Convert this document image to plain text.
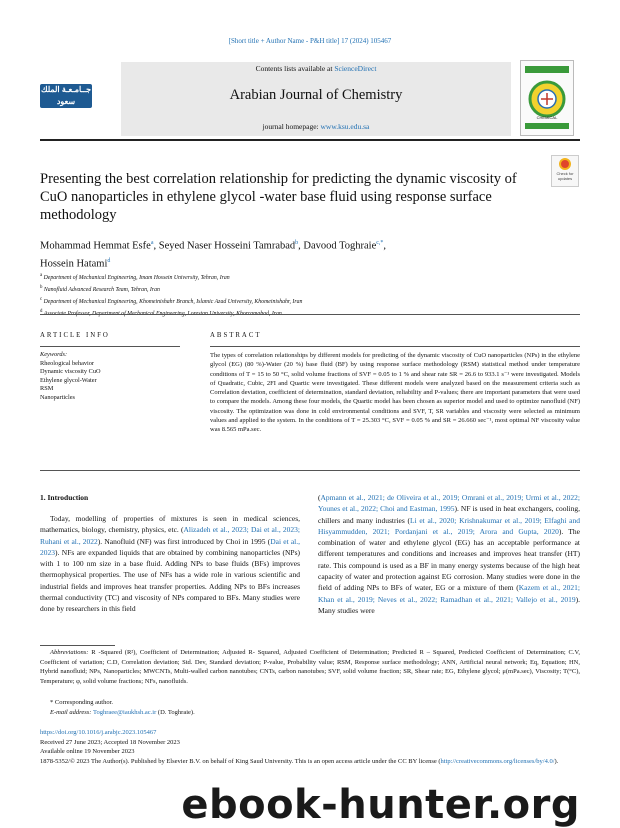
[Short title + Author Name - P&H title] 17 (2024) 105467
جــامـعـة الملك سعود
King Saud University
Contents lists available at ScienceDirect
Arabian Journal of Chemistry
journal homepage: www.ksu.edu.sa
CHEMICAL
Check for updates
Presenting the best correlation relationship for predicting the dynamic viscosity of CuO nanoparticles in ethylene glycol -water base fluid using response surface methodology
Mohammad Hemmat Esfe$^a$, Seyed Naser Hosseini Tamrabad$^b$, Davood Toghraie$^{c,*}$,
Hossein Hatami$^d$
$^a$ Department of Mechanical Engineering, Imam Hossein University, Tehran, Iran
$^b$ Nanofluid Advanced Research Team, Tehran, Iran
$^c$ Department of Mechanical Engineering, Khomeinishahr Branch, Islamic Azad University, Khomeinishahr, Iran
$^d$ Associate Professor, Department of Mechanical Engineering, Lorestan University, Khorramabad, Iran
ARTICLE INFO	ABSTRACT
Keywords:
Rheological behavior
Dynamic viscosity CuO
Ethylene glycol-Water
RSM
Nanoparticles
The types of correlation relationships by different models for predicting of the dynamic viscosity of CuO nanoparticles (NPs) in the ethylene glycol (EG) (80 %)-Water (20 %) base fluid (BF) by using response surface methodology (RSM) statistical method under temperature conditions of T = 15 to 50 °C, solid volume fractions of SVF = 0.05 to 1 % and shear rate SR = 26.6 to 933.1 s⁻¹ were investigated. Models of Quadratic, Cubic, 2FI and Quartic were investigated. These different models were analyzed based on the measurement criteria such as Correlation deviation, coefficient of determination, standard deviation, reliability and P-values; there are important parameters that were used to compare the models. Among these four models, the Quartic model has been chosen as superior model and used to optimize nanofluid (NF) viscosity. The optimization was done in cold environmental conditions and SVF, T, SR variables and viscosity were selected as minimum values and applied to the system. In the conditions of T = 25.303 °C, SVF = 0.05 % and SR = 26.660 sec⁻¹, most optimal NF viscosity value was 8.565 mPa.sec.
1. Introduction
Today, modelling of properties of mixtures is seen in medical sciences, mathematics, biology, chemistry, physics, etc. (Alizadeh et al., 2023; Dai et al., 2023; Ruhani et al., 2022). Nanofluid (NF) was first introduced by Choi in 1995 (Dai et al., 2023). NFs are expanded liquids that are obtained by combining nanoparticles (NPs) with 1 to 100 nm size in a base fluid. Adding NPs to base fluids (BFs) improves thermophysical properties. The use of NFs has a wide role in various scientific and industrial fields and improves heat transfer properties. Adding NPs to BFs increases thermal conductivity (TC) and viscosity of NPs compared to BFs. Many studies were done by researchers in this field
(Apmann et al., 2021; de Oliveira et al., 2019; Omrani et al., 2019; Urmi et al., 2022; Younes et al., 2022; Choi and Eastman, 1995). NF is used in heat exchangers, cooling, chillers and many industries (Li et al., 2020; Krishnakumar et al., 2019; Elfaghi and Hisyammudden, 2021; Pordanjani et al., 2019; Arora and Gupta, 2020). The combination of water and ethylene glycol (EG) has an acceptable performance at different temperatures and conditions and increases and improves heat transfer (HT) rate. This compound is used as a BF in many energy systems because of the high heat capacity of water and protection against EG corrosion. Many studies were done in the field of adding NPs to BFs of water, EG or a mixture of them (Kazem et al., 2021; Khan et al., 2019; Neves et al., 2022; Ramadhan et al., 2021; Vallejo et al., 2019). Many studies were
Abbreviations: R -Squared (R²), Coefficient of Determination; Adjusted R- Squared, Adjusted Coefficient of Determination; Predicted R – Squared, Predicted Coefficient of Determination; C.V, Coefficient of variation; C.D, Correlation deviation; Std. Dev, Standard deviation; P-value, Probability value; RSM, Response surface methodology; ANN, Artificial neural network; Eq, Equation; HN, Hybrid nanofluid; NPs, Nanoparticles; MWCNTs, Multi-walled carbon nanotubes; CNTs, carbon nanotubes; SVF, solid volume fraction; SR, Shear rate; EG, Ethylene glycol; μ(mPa.sec), Viscosity; T(°C), Temperature; φ, solid volume fractions; NFs, nanofluids.
* Corresponding author.
E-mail address: Toghraee@iaukhsh.ac.ir (D. Toghraie).
https://doi.org/10.1016/j.arabjc.2023.105467
Received 27 June 2023; Accepted 18 November 2023
Available online 19 November 2023
1878-5352/© 2023 The Author(s). Published by Elsevier B.V. on behalf of King Saud University. This is an open access article under the CC BY license (http://creativecommons.org/licenses/by/4.0/).
ebook-hunter.org
